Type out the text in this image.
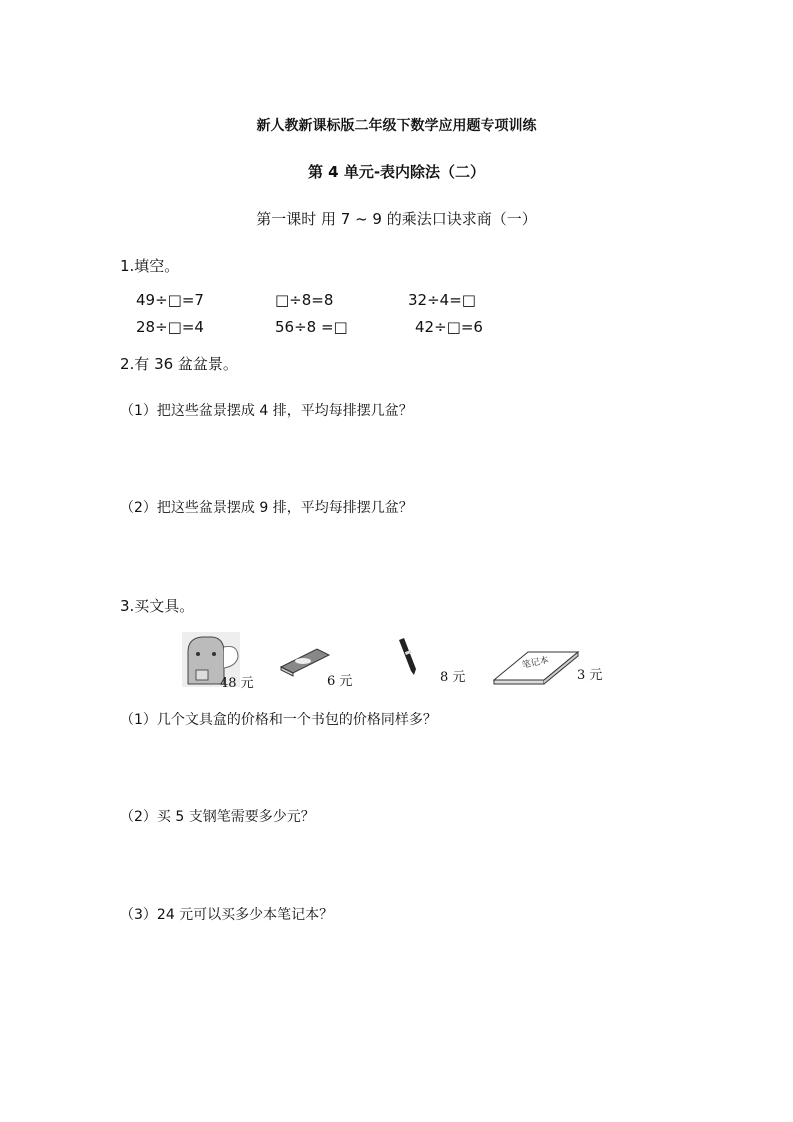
新人教新课标版二年级下数学应用题专项训练
第 4 单元-表内除法（二）
第一课时 用 7 ~ 9 的乘法口诀求商（一）
1.填空。
49÷□=7	□÷8=8	32÷4=□
28÷□=4	56÷8 =□	42÷□=6
2.有 36 盆盆景。
（1）把这些盆景摆成 4 排，平均每排摆几盆？
（2）把这些盆景摆成 9 排，平均每排摆几盆？
3.买文具。
48 元	6 元	8 元
笔记本
3 元
（1）几个文具盒的价格和一个书包的价格同样多？
（2）买 5 支钢笔需要多少元？
（3）24 元可以买多少本笔记本？
